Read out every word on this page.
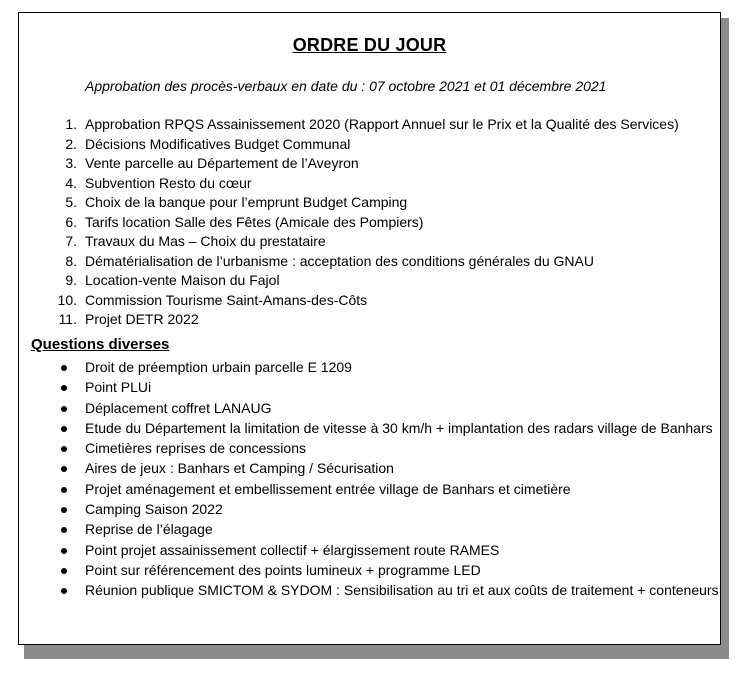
ORDRE DU JOUR
Approbation des procès-verbaux en date du : 07 octobre 2021 et 01 décembre 2021
1. Approbation RPQS Assainissement 2020 (Rapport Annuel sur le Prix et la Qualité des Services)
2. Décisions Modificatives Budget Communal
3. Vente parcelle au Département de l’Aveyron
4. Subvention Resto du cœur
5. Choix de la banque pour l’emprunt Budget Camping
6. Tarifs location Salle des Fêtes (Amicale des Pompiers)
7. Travaux du Mas – Choix du prestataire
8. Dématérialisation de l’urbanisme : acceptation des conditions générales du GNAU
9. Location-vente Maison du Fajol
10. Commission Tourisme Saint-Amans-des-Côts
11. Projet DETR 2022
Questions diverses
Droit de préemption urbain parcelle E 1209
Point PLUi
Déplacement coffret LANAUG
Etude du Département la limitation de vitesse à 30 km/h + implantation des radars village de Banhars
Cimetières reprises de concessions
Aires de jeux : Banhars et Camping / Sécurisation
Projet aménagement et embellissement entrée village de Banhars et cimetière
Camping Saison 2022
Reprise de l’élagage
Point projet assainissement collectif + élargissement route RAMES
Point sur référencement des points lumineux + programme LED
Réunion publique SMICTOM & SYDOM : Sensibilisation au tri et aux coûts de traitement + conteneurs
